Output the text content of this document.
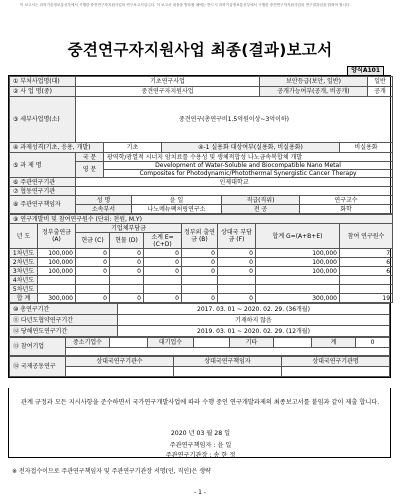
이 보고서는 과학기술정보통신부에서 시행한 중견연구자지원사업의 연구보고서입니다. 이 보고서 내용을 발표할 때에는 반드시 과학기술정보통신부에서 시행한 중견연구자지원사업의 연구결과임을 밝혀야 합니다.
중견연구자지원사업 최종(결과)보고서
양식A101
① 부처사업명(대)	기초연구사업					보안등급(보안, 일반)			일반
② 사 업 명(중)	중견연구자지원사업					공개가능여부(공개, 비공개)			공개
③ 세부사업명(소)	중견연구(총연구비1.5억원이상~3억이하)								
④ 과제성격(기초, 응용, 개발)		기초		④-1 실용화 대상여부(실용화, 비실용화)				비실용화	
⑤ 과 제 명	국 문	광역학/광열적 시너지 암치료를 수용성 및 생체적합성 나노금속복합체 개발							
	영 문	Development of Water-Soluble and Biocompatible Nano Metal							
		Composites for Photodynamic/Photothermal Synergistic Cancer Therapy							
⑥ 주관연구기관	인제대학교								
⑦ 협동연구기관									
⑧ 주관연구책임자	성 명		윤 일		직급(직위)		연구교수		
	소속부서		나노메뉴팩처링연구소		전 공		화학		
⑨ 연구개발비 및 참여연구원수 (단위: 천원, M.Y)								
년 도	정부출연금 (A)	기업체부담금			정부외 출연금 (B)	상대국 부담금 (F)	합계 G=(A+B+E)	참여 연구원수
		현금 (C)	현물 (D)	소계 E=(C+D)				
1차년도	100,000	0	0	0	0	0	100,000	7
2차년도	100,000	0	0	0	0	0	100,000	6
3차년도	100,000	0	0	0	0	0	100,000	6
4차년도								
5차년도								
합 계	300,000	0	0	0	0	0	300,000	19
⑩ 총연구기간	2017. 03. 01 ~ 2020. 02. 29. (36개월)
⑪ 다년도협약연구기간	기재하지 않음
⑫ 당해연도연구기간	2019. 03. 01 ~ 2020. 02. 29. (12개월)
⑬ 참여기업	중소기업수		대기업수		기타		계	0

⑭ 국제공동연구	상대국연구기관수	상대국연구책임자	상대국연구기관명

관계 규정과 모든 지시사항을 준수하면서 국가연구개발사업에 따라 수행 중인 연구개발과제의 최종보고서를 붙임과 같이 제출 합니다.
2020 년 03 월 28 일
주관연구책임자 : 윤 일
주관연구기관장 : 송 한 정
※ 전자접수이므로 주관연구책임자 및 주관연구기관장 서명(인, 직인)은 생략
- 1 -
